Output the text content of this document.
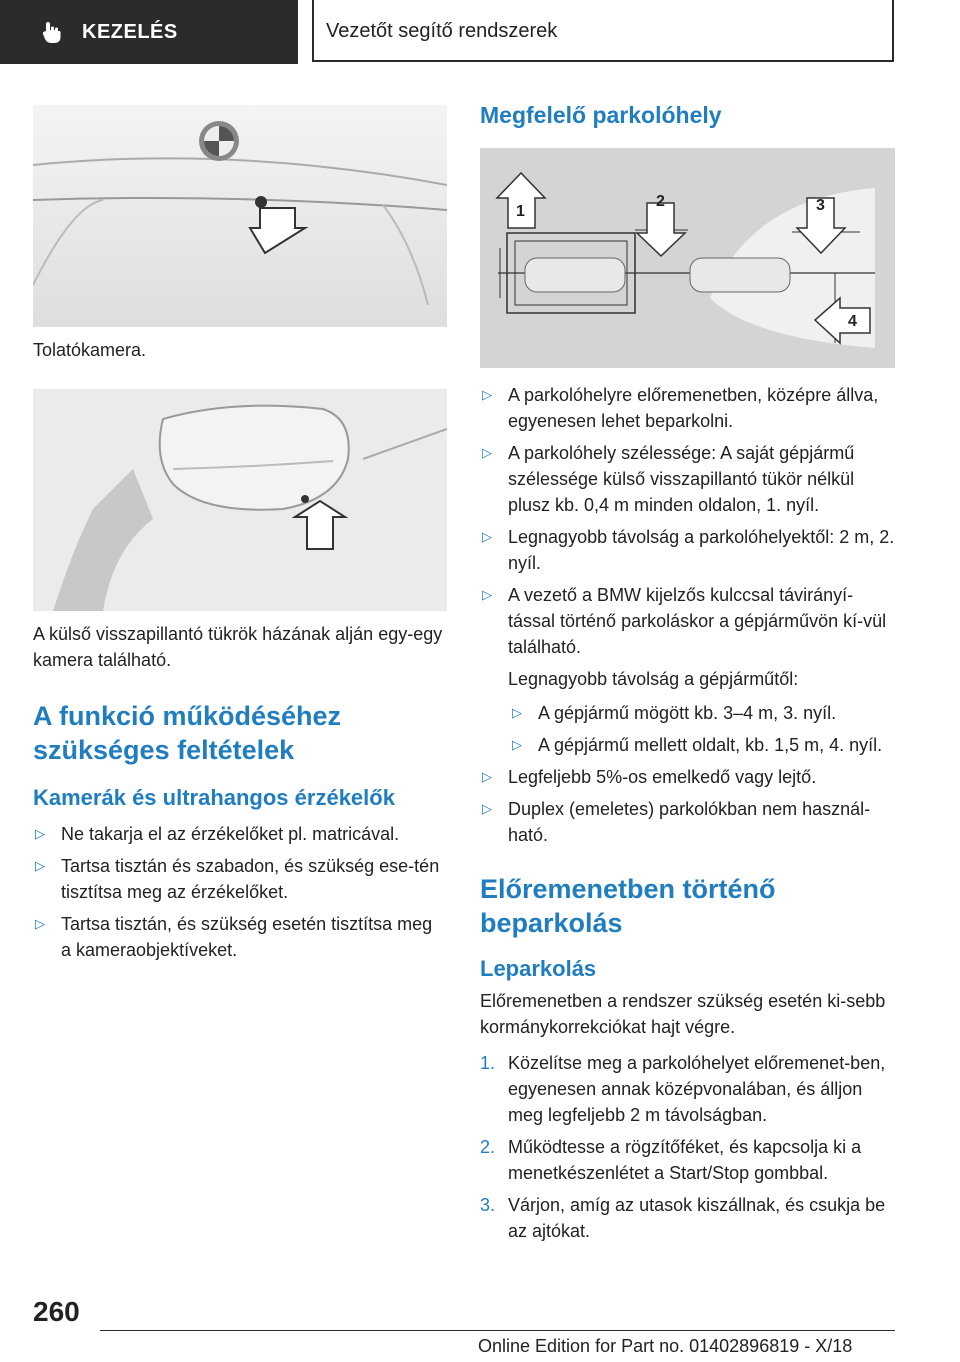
KEZELÉS	Vezetőt segítő rendszerek
Tolatókamera.
A külső visszapillantó tükrök házának alján egy-egy kamera található.
A funkció működéséhez szükséges feltételek
Kamerák és ultrahangos érzékelők
▷ Ne takarja el az érzékelőket pl. matricával.
▷ Tartsa tisztán és szabadon, és szükség ese-tén tisztítsa meg az érzékelőket.
▷ Tartsa tisztán, és szükség esetén tisztítsa meg a kameraobjektíveket.
Megfelelő parkolóhely
1
2	3
4
▷ A parkolóhelyre előremenetben, középre állva, egyenesen lehet beparkolni.
▷ A parkolóhely szélessége: A saját gépjármű szélessége külső visszapillantó tükör nélkül plusz kb. 0,4 m minden oldalon, 1. nyíl.
▷ Legnagyobb távolság a parkolóhelyektől: 2 m, 2. nyíl.
▷ A vezető a BMW kijelzős kulccsal távirányí-tással történő parkoláskor a gépjárművön kí-vül található.
Legnagyobb távolság a gépjárműtől:
▷ A gépjármű mögött kb. 3–4 m, 3. nyíl.
▷ A gépjármű mellett oldalt, kb. 1,5 m, 4. nyíl.
▷ Legfeljebb 5%-os emelkedő vagy lejtő.
▷ Duplex (emeletes) parkolókban nem használ-ható.
Előremenetben történő beparkolás
Leparkolás
Előremenetben a rendszer szükség esetén ki-sebb kormánykorrekciókat hajt végre.
1. Közelítse meg a parkolóhelyet előremenet-ben, egyenesen annak középvonalában, és álljon meg legfeljebb 2 m távolságban.
2. Működtesse a rögzítőféket, és kapcsolja ki a menetkészenlétet a Start/Stop gombbal.
3. Várjon, amíg az utasok kiszállnak, és csukja be az ajtókat.
260
Online Edition for Part no. 01402896819 - X/18
